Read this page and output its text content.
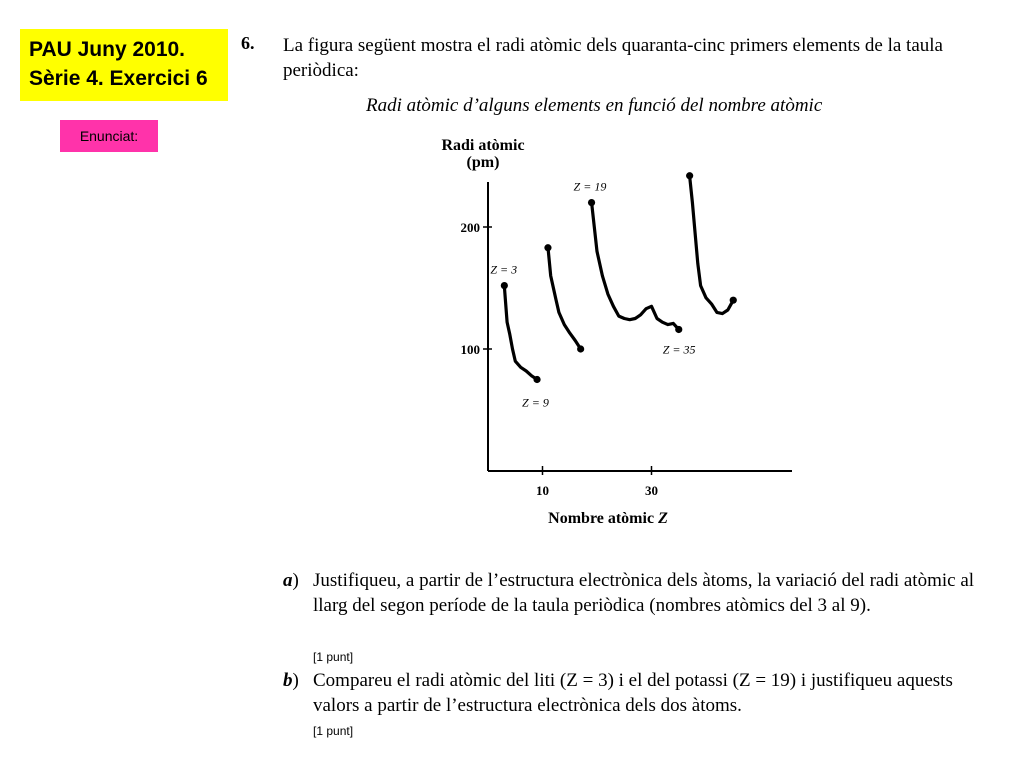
PAU Juny 2010.
Sèrie 4. Exercici 6
Enunciat:
6. La figura següent mostra el radi atòmic dels quaranta-cinc primers elements de la taula periòdica:
Radi atòmic d’alguns elements en funció del nombre atòmic
Radi atòmic
(pm)
100
200
10	30
Z = 3
Z = 9
Z = 19
Z = 35
Nombre atòmic Z
a) Justifiqueu, a partir de l’estructura electrònica dels àtoms, la variació del radi atòmic al llarg del segon període de la taula periòdica (nombres atòmics del 3 al 9).
[1 punt]
b) Compareu el radi atòmic del liti (Z = 3) i el del potassi (Z = 19) i justifiqueu aquests valors a partir de l’estructura electrònica dels dos àtoms.
[1 punt]
